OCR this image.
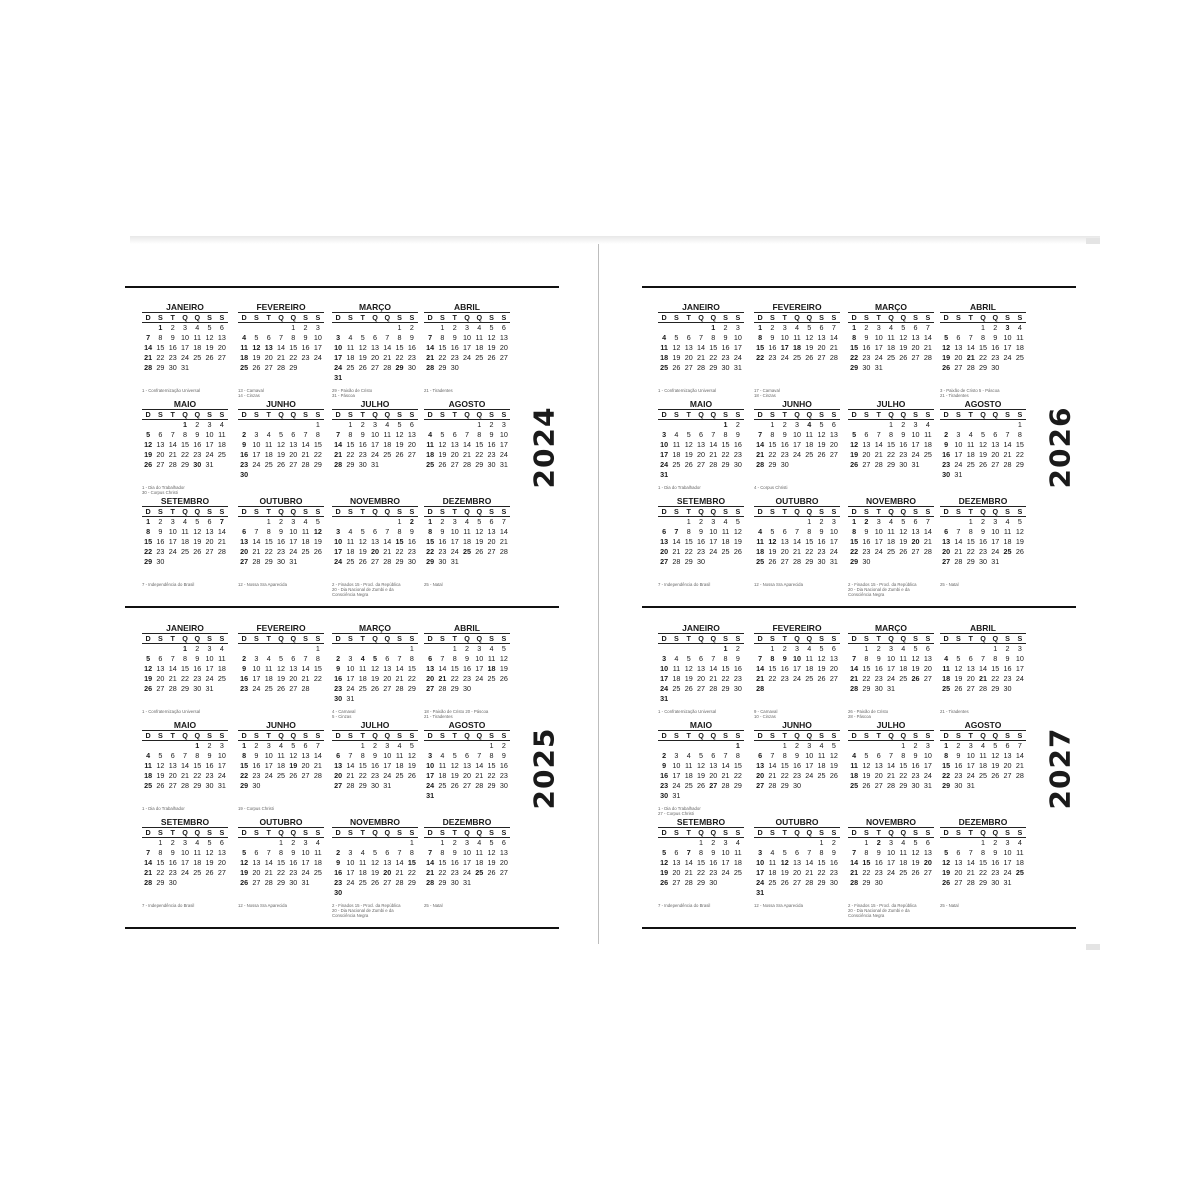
2024
JANEIRO
D	S	T	Q	Q	S	S
	1	2	3	4	5	6
7	8	9	10	11	12	13
14	15	16	17	18	19	20
21	22	23	24	25	26	27
28	29	30	31			
1 - Confraternização Universal
FEVEREIRO
D	S	T	Q	Q	S	S
				1	2	3
4	5	6	7	8	9	10
11	12	13	14	15	16	17
18	19	20	21	22	23	24
25	26	27	28	29		
13 - Carnaval
14 - Cinzas
MARÇO
D	S	T	Q	Q	S	S
					1	2
3	4	5	6	7	8	9
10	11	12	13	14	15	16
17	18	19	20	21	22	23
24	25	26	27	28	29	30
31						
29 - Paixão de Cristo
31 - Páscoa
ABRIL
D	S	T	Q	Q	S	S
	1	2	3	4	5	6
7	8	9	10	11	12	13
14	15	16	17	18	19	20
21	22	23	24	25	26	27
28	29	30				
21 - Tiradentes
MAIO
D	S	T	Q	Q	S	S
			1	2	3	4
5	6	7	8	9	10	11
12	13	14	15	16	17	18
19	20	21	22	23	24	25
26	27	28	29	30	31	
1 - Dia do Trabalhador
30 - Corpus Christi
JUNHO
D	S	T	Q	Q	S	S
						1
2	3	4	5	6	7	8
9	10	11	12	13	14	15
16	17	18	19	20	21	22
23	24	25	26	27	28	29
30						
JULHO
D	S	T	Q	Q	S	S
	1	2	3	4	5	6
7	8	9	10	11	12	13
14	15	16	17	18	19	20
21	22	23	24	25	26	27
28	29	30	31			
AGOSTO
D	S	T	Q	Q	S	S
				1	2	3
4	5	6	7	8	9	10
11	12	13	14	15	16	17
18	19	20	21	22	23	24
25	26	27	28	29	30	31
SETEMBRO
D	S	T	Q	Q	S	S
1	2	3	4	5	6	7
8	9	10	11	12	13	14
15	16	17	18	19	20	21
22	23	24	25	26	27	28
29	30					
7 - Independência do Brasil
OUTUBRO
D	S	T	Q	Q	S	S
		1	2	3	4	5
6	7	8	9	10	11	12
13	14	15	16	17	18	19
20	21	22	23	24	25	26
27	28	29	30	31		
12 - Nossa Sra Aparecida
NOVEMBRO
D	S	T	Q	Q	S	S
					1	2
3	4	5	6	7	8	9
10	11	12	13	14	15	16
17	18	19	20	21	22	23
24	25	26	27	28	29	30
2 - Finados 15 - Procl. da República
20 - Dia Nacional de Zumbi e da Consciência Negra
DEZEMBRO
D	S	T	Q	Q	S	S
1	2	3	4	5	6	7
8	9	10	11	12	13	14
15	16	17	18	19	20	21
22	23	24	25	26	27	28
29	30	31				
25 - Natal
2025
JANEIRO
D	S	T	Q	Q	S	S
			1	2	3	4
5	6	7	8	9	10	11
12	13	14	15	16	17	18
19	20	21	22	23	24	25
26	27	28	29	30	31	
1 - Confraternização Universal
FEVEREIRO
D	S	T	Q	Q	S	S
						1
2	3	4	5	6	7	8
9	10	11	12	13	14	15
16	17	18	19	20	21	22
23	24	25	26	27	28	
MARÇO
D	S	T	Q	Q	S	S
						1
2	3	4	5	6	7	8
9	10	11	12	13	14	15
16	17	18	19	20	21	22
23	24	25	26	27	28	29
30	31					
4 - Carnaval
5 - Cinzas
ABRIL
D	S	T	Q	Q	S	S
		1	2	3	4	5
6	7	8	9	10	11	12
13	14	15	16	17	18	19
20	21	22	23	24	25	26
27	28	29	30			
18 - Paixão de Cristo 20 - Páscoa
21 - Tiradentes
MAIO
D	S	T	Q	Q	S	S
				1	2	3
4	5	6	7	8	9	10
11	12	13	14	15	16	17
18	19	20	21	22	23	24
25	26	27	28	29	30	31
1 - Dia do Trabalhador
JUNHO
D	S	T	Q	Q	S	S
1	2	3	4	5	6	7
8	9	10	11	12	13	14
15	16	17	18	19	20	21
22	23	24	25	26	27	28
29	30					
19 - Corpus Christi
JULHO
D	S	T	Q	Q	S	S
		1	2	3	4	5
6	7	8	9	10	11	12
13	14	15	16	17	18	19
20	21	22	23	24	25	26
27	28	29	30	31		
AGOSTO
D	S	T	Q	Q	S	S
					1	2
3	4	5	6	7	8	9
10	11	12	13	14	15	16
17	18	19	20	21	22	23
24	25	26	27	28	29	30
31						
SETEMBRO
D	S	T	Q	Q	S	S
	1	2	3	4	5	6
7	8	9	10	11	12	13
14	15	16	17	18	19	20
21	22	23	24	25	26	27
28	29	30				
7 - Independência do Brasil
OUTUBRO
D	S	T	Q	Q	S	S
			1	2	3	4
5	6	7	8	9	10	11
12	13	14	15	16	17	18
19	20	21	22	23	24	25
26	27	28	29	30	31	
12 - Nossa Sra Aparecida
NOVEMBRO
D	S	T	Q	Q	S	S
						1
2	3	4	5	6	7	8
9	10	11	12	13	14	15
16	17	18	19	20	21	22
23	24	25	26	27	28	29
30						
2 - Finados 15 - Procl. da República
20 - Dia Nacional de Zumbi e da Consciência Negra
DEZEMBRO
D	S	T	Q	Q	S	S
	1	2	3	4	5	6
7	8	9	10	11	12	13
14	15	16	17	18	19	20
21	22	23	24	25	26	27
28	29	30	31			
25 - Natal
2026
JANEIRO
D	S	T	Q	Q	S	S
				1	2	3
4	5	6	7	8	9	10
11	12	13	14	15	16	17
18	19	20	21	22	23	24
25	26	27	28	29	30	31
1 - Confraternização Universal
FEVEREIRO
D	S	T	Q	Q	S	S
1	2	3	4	5	6	7
8	9	10	11	12	13	14
15	16	17	18	19	20	21
22	23	24	25	26	27	28
17 - Carnaval
18 - Cinzas
MARÇO
D	S	T	Q	Q	S	S
1	2	3	4	5	6	7
8	9	10	11	12	13	14
15	16	17	18	19	20	21
22	23	24	25	26	27	28
29	30	31				
ABRIL
D	S	T	Q	Q	S	S
			1	2	3	4
5	6	7	8	9	10	11
12	13	14	15	16	17	18
19	20	21	22	23	24	25
26	27	28	29	30		
3 - Paixão de Cristo 5 - Páscoa
21 - Tiradentes
MAIO
D	S	T	Q	Q	S	S
					1	2
3	4	5	6	7	8	9
10	11	12	13	14	15	16
17	18	19	20	21	22	23
24	25	26	27	28	29	30
31						
1 - Dia do Trabalhador
JUNHO
D	S	T	Q	Q	S	S
	1	2	3	4	5	6
7	8	9	10	11	12	13
14	15	16	17	18	19	20
21	22	23	24	25	26	27
28	29	30				
4 - Corpus Christi
JULHO
D	S	T	Q	Q	S	S
			1	2	3	4
5	6	7	8	9	10	11
12	13	14	15	16	17	18
19	20	21	22	23	24	25
26	27	28	29	30	31	
AGOSTO
D	S	T	Q	Q	S	S
						1
2	3	4	5	6	7	8
9	10	11	12	13	14	15
16	17	18	19	20	21	22
23	24	25	26	27	28	29
30	31					
SETEMBRO
D	S	T	Q	Q	S	S
		1	2	3	4	5
6	7	8	9	10	11	12
13	14	15	16	17	18	19
20	21	22	23	24	25	26
27	28	29	30			
7 - Independência do Brasil
OUTUBRO
D	S	T	Q	Q	S	S
				1	2	3
4	5	6	7	8	9	10
11	12	13	14	15	16	17
18	19	20	21	22	23	24
25	26	27	28	29	30	31
12 - Nossa Sra Aparecida
NOVEMBRO
D	S	T	Q	Q	S	S
1	2	3	4	5	6	7
8	9	10	11	12	13	14
15	16	17	18	19	20	21
22	23	24	25	26	27	28
29	30					
2 - Finados 15 - Procl. da República
20 - Dia Nacional de Zumbi e da Consciência Negra
DEZEMBRO
D	S	T	Q	Q	S	S
		1	2	3	4	5
6	7	8	9	10	11	12
13	14	15	16	17	18	19
20	21	22	23	24	25	26
27	28	29	30	31		
25 - Natal
2027
JANEIRO
D	S	T	Q	Q	S	S
					1	2
3	4	5	6	7	8	9
10	11	12	13	14	15	16
17	18	19	20	21	22	23
24	25	26	27	28	29	30
31						
1 - Confraternização Universal
FEVEREIRO
D	S	T	Q	Q	S	S
	1	2	3	4	5	6
7	8	9	10	11	12	13
14	15	16	17	18	19	20
21	22	23	24	25	26	27
28						
9 - Carnaval
10 - Cinzas
MARÇO
D	S	T	Q	Q	S	S
	1	2	3	4	5	6
7	8	9	10	11	12	13
14	15	16	17	18	19	20
21	22	23	24	25	26	27
28	29	30	31			
26 - Paixão de Cristo
28 - Páscoa
ABRIL
D	S	T	Q	Q	S	S
				1	2	3
4	5	6	7	8	9	10
11	12	13	14	15	16	17
18	19	20	21	22	23	24
25	26	27	28	29	30	
21 - Tiradentes
MAIO
D	S	T	Q	Q	S	S
						1
2	3	4	5	6	7	8
9	10	11	12	13	14	15
16	17	18	19	20	21	22
23	24	25	26	27	28	29
30	31					
1 - Dia do Trabalhador
27 - Corpus Christi
JUNHO
D	S	T	Q	Q	S	S
		1	2	3	4	5
6	7	8	9	10	11	12
13	14	15	16	17	18	19
20	21	22	23	24	25	26
27	28	29	30			
JULHO
D	S	T	Q	Q	S	S
				1	2	3
4	5	6	7	8	9	10
11	12	13	14	15	16	17
18	19	20	21	22	23	24
25	26	27	28	29	30	31
AGOSTO
D	S	T	Q	Q	S	S
1	2	3	4	5	6	7
8	9	10	11	12	13	14
15	16	17	18	19	20	21
22	23	24	25	26	27	28
29	30	31				
SETEMBRO
D	S	T	Q	Q	S	S
			1	2	3	4
5	6	7	8	9	10	11
12	13	14	15	16	17	18
19	20	21	22	23	24	25
26	27	28	29	30		
7 - Independência do Brasil
OUTUBRO
D	S	T	Q	Q	S	S
					1	2
3	4	5	6	7	8	9
10	11	12	13	14	15	16
17	18	19	20	21	22	23
24	25	26	27	28	29	30
31						
12 - Nossa Sra Aparecida
NOVEMBRO
D	S	T	Q	Q	S	S
	1	2	3	4	5	6
7	8	9	10	11	12	13
14	15	16	17	18	19	20
21	22	23	24	25	26	27
28	29	30				
2 - Finados 15 - Procl. da República
20 - Dia Nacional de Zumbi e da Consciência Negra
DEZEMBRO
D	S	T	Q	Q	S	S
			1	2	3	4
5	6	7	8	9	10	11
12	13	14	15	16	17	18
19	20	21	22	23	24	25
26	27	28	29	30	31	
25 - Natal
